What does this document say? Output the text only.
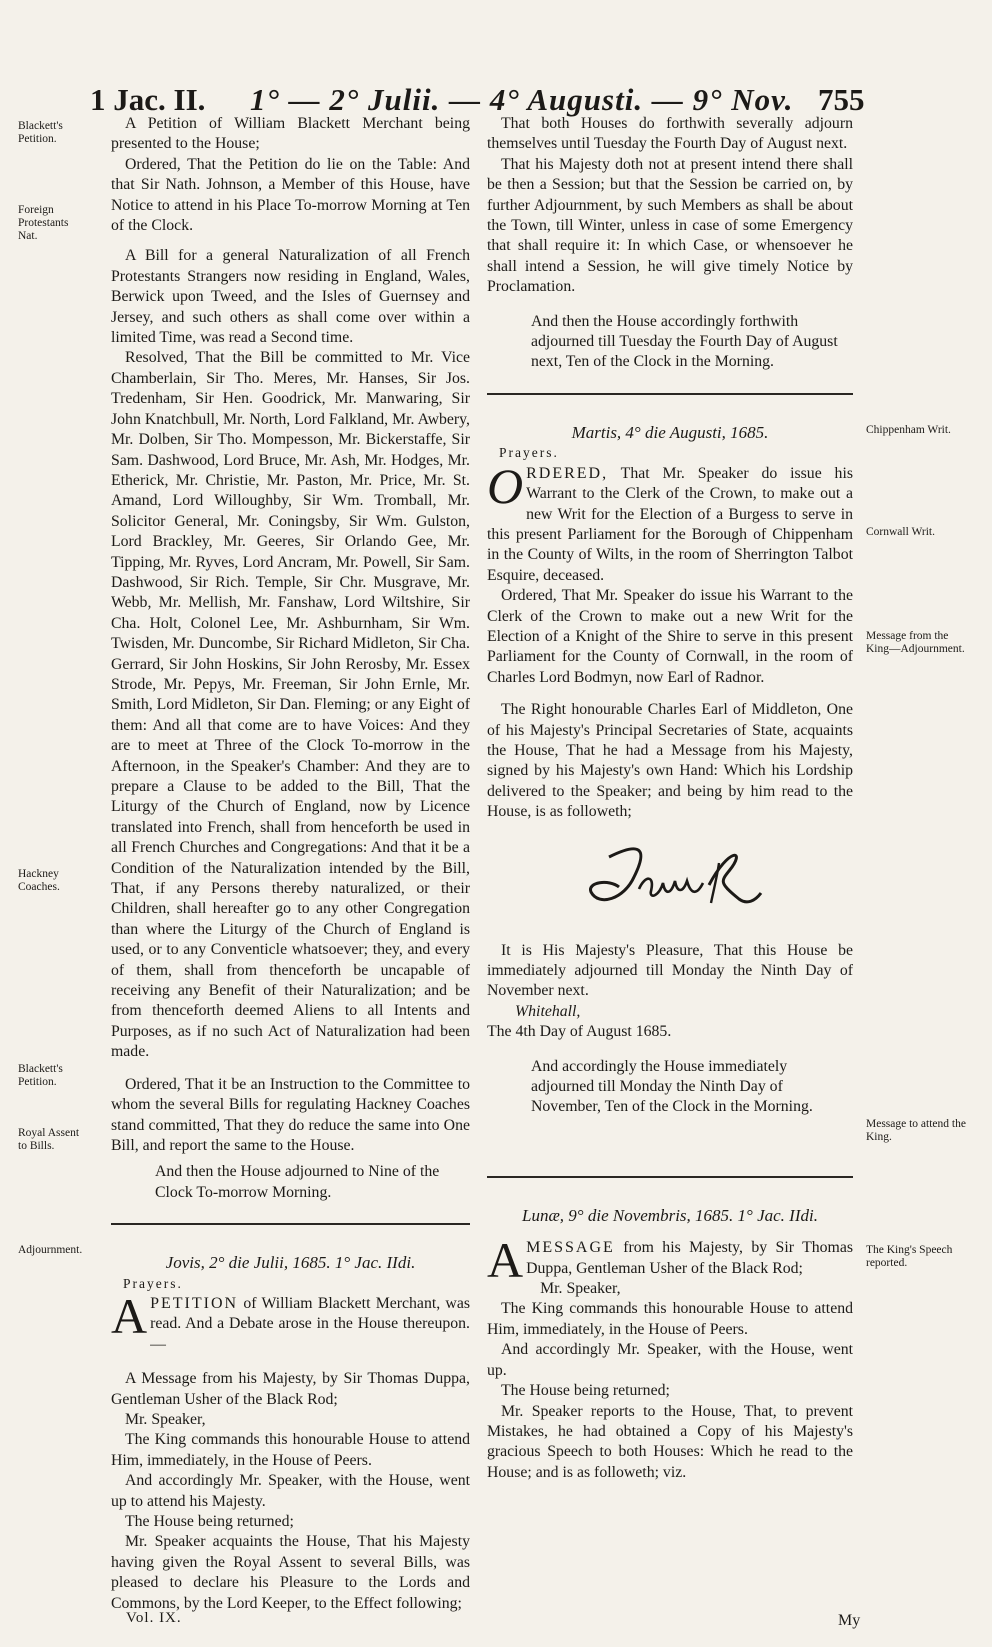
1 Jac. II. 1° — 2° Julii. — 4° Augusti. — 9° Nov. 755
Blackett's Petition.
Foreign Protestants Nat.
Hackney Coaches.
Blackett's Petition.
Royal Assent to Bills.
Adjournment.
Chippenham Writ.
Cornwall Writ.
Message from the King—Adjournment.
Message to attend the King.
The King's Speech reported.

A Petition of William Blackett Merchant being presented to the House;

Ordered, That the Petition do lie on the Table: And that Sir Nath. Johnson, a Member of this House, have Notice to attend in his Place To-morrow Morning at Ten of the Clock.

A Bill for a general Naturalization of all French Protestants Strangers now residing in England, Wales, Berwick upon Tweed, and the Isles of Guernsey and Jersey, and such others as shall come over within a limited Time, was read a Second time.

Resolved, That the Bill be committed to Mr. Vice Chamberlain, Sir Tho. Meres, Mr. Hanses, Sir Jos. Tredenham, Sir Hen. Goodrick, Mr. Manwaring, Sir John Knatchbull, Mr. North, Lord Falkland, Mr. Awbery, Mr. Dolben, Sir Tho. Mompesson, Mr. Bickerstaffe, Sir Sam. Dashwood, Lord Bruce, Mr. Ash, Mr. Hodges, Mr. Etherick, Mr. Christie, Mr. Paston, Mr. Price, Mr. St. Amand, Lord Willoughby, Sir Wm. Tromball, Mr. Solicitor General, Mr. Coningsby, Sir Wm. Gulston, Lord Brackley, Mr. Geeres, Sir Orlando Gee, Mr. Tipping, Mr. Ryves, Lord Ancram, Mr. Powell, Sir Sam. Dashwood, Sir Rich. Temple, Sir Chr. Musgrave, Mr. Webb, Mr. Mellish, Mr. Fanshaw, Lord Wiltshire, Sir Cha. Holt, Colonel Lee, Mr. Ashburnham, Sir Wm. Twisden, Mr. Duncombe, Sir Richard Midleton, Sir Cha. Gerrard, Sir John Hoskins, Sir John Rerosby, Mr. Essex Strode, Mr. Pepys, Mr. Freeman, Sir John Ernle, Mr. Smith, Lord Midleton, Sir Dan. Fleming; or any Eight of them: And all that come are to have Voices: And they are to meet at Three of the Clock To-morrow in the Afternoon, in the Speaker's Chamber: And they are to prepare a Clause to be added to the Bill, That the Liturgy of the Church of England, now by Licence translated into French, shall from henceforth be used in all French Churches and Congregations: And that it be a Condition of the Naturalization intended by the Bill, That, if any Persons thereby naturalized, or their Children, shall hereafter go to any other Congregation than where the Liturgy of the Church of England is used, or to any Conventicle whatsoever; they, and every of them, shall from thenceforth be uncapable of receiving any Benefit of their Naturalization; and be from thenceforth deemed Aliens to all Intents and Purposes, as if no such Act of Naturalization had been made.

Ordered, That it be an Instruction to the Committee to whom the several Bills for regulating Hackney Coaches stand committed, That they do reduce the same into One Bill, and report the same to the House.

And then the House adjourned to Nine of the Clock To-morrow Morning.

Jovis, 2° die Julii, 1685. 1° Jac. IIdi.

Prayers.

APETITION of William Blackett Merchant, was read. And a Debate arose in the House thereupon.—

A Message from his Majesty, by Sir Thomas Duppa, Gentleman Usher of the Black Rod;

Mr. Speaker,

The King commands this honourable House to attend Him, immediately, in the House of Peers.

And accordingly Mr. Speaker, with the House, went up to attend his Majesty.

The House being returned;

Mr. Speaker acquaints the House, That his Majesty having given the Royal Assent to several Bills, was pleased to declare his Pleasure to the Lords and Commons, by the Lord Keeper, to the Effect following;

That both Houses do forthwith severally adjourn themselves until Tuesday the Fourth Day of August next.

That his Majesty doth not at present intend there shall be then a Session; but that the Session be carried on, by further Adjournment, by such Members as shall be about the Town, till Winter, unless in case of some Emergency that shall require it: In which Case, or whensoever he shall intend a Session, he will give timely Notice by Proclamation.

And then the House accordingly forthwith adjourned till Tuesday the Fourth Day of August next, Ten of the Clock in the Morning.

Martis, 4° die Augusti, 1685.

Prayers.

ORDERED, That Mr. Speaker do issue his Warrant to the Clerk of the Crown, to make out a new Writ for the Election of a Burgess to serve in this present Parliament for the Borough of Chippenham in the County of Wilts, in the room of Sherrington Talbot Esquire, deceased.

Ordered, That Mr. Speaker do issue his Warrant to the Clerk of the Crown to make out a new Writ for the Election of a Knight of the Shire to serve in this present Parliament for the County of Cornwall, in the room of Charles Lord Bodmyn, now Earl of Radnor.

The Right honourable Charles Earl of Middleton, One of his Majesty's Principal Secretaries of State, acquaints the House, That he had a Message from his Majesty, signed by his Majesty's own Hand: Which his Lordship delivered to the Speaker; and being by him read to the House, is as followeth;

It is His Majesty's Pleasure, That this House be immediately adjourned till Monday the Ninth Day of November next.

Whitehall,

The 4th Day of August 1685.

And accordingly the House immediately adjourned till Monday the Ninth Day of November, Ten of the Clock in the Morning.

Lunæ, 9° die Novembris, 1685. 1° Jac. IIdi.

AMESSAGE from his Majesty, by Sir Thomas Duppa, Gentleman Usher of the Black Rod;

Mr. Speaker,

The King commands this honourable House to attend Him, immediately, in the House of Peers.

And accordingly Mr. Speaker, with the House, went up.

The House being returned;

Mr. Speaker reports to the House, That, to prevent Mistakes, he had obtained a Copy of his Majesty's gracious Speech to both Houses: Which he read to the House; and is as followeth; viz.

Vol. IX.	My
